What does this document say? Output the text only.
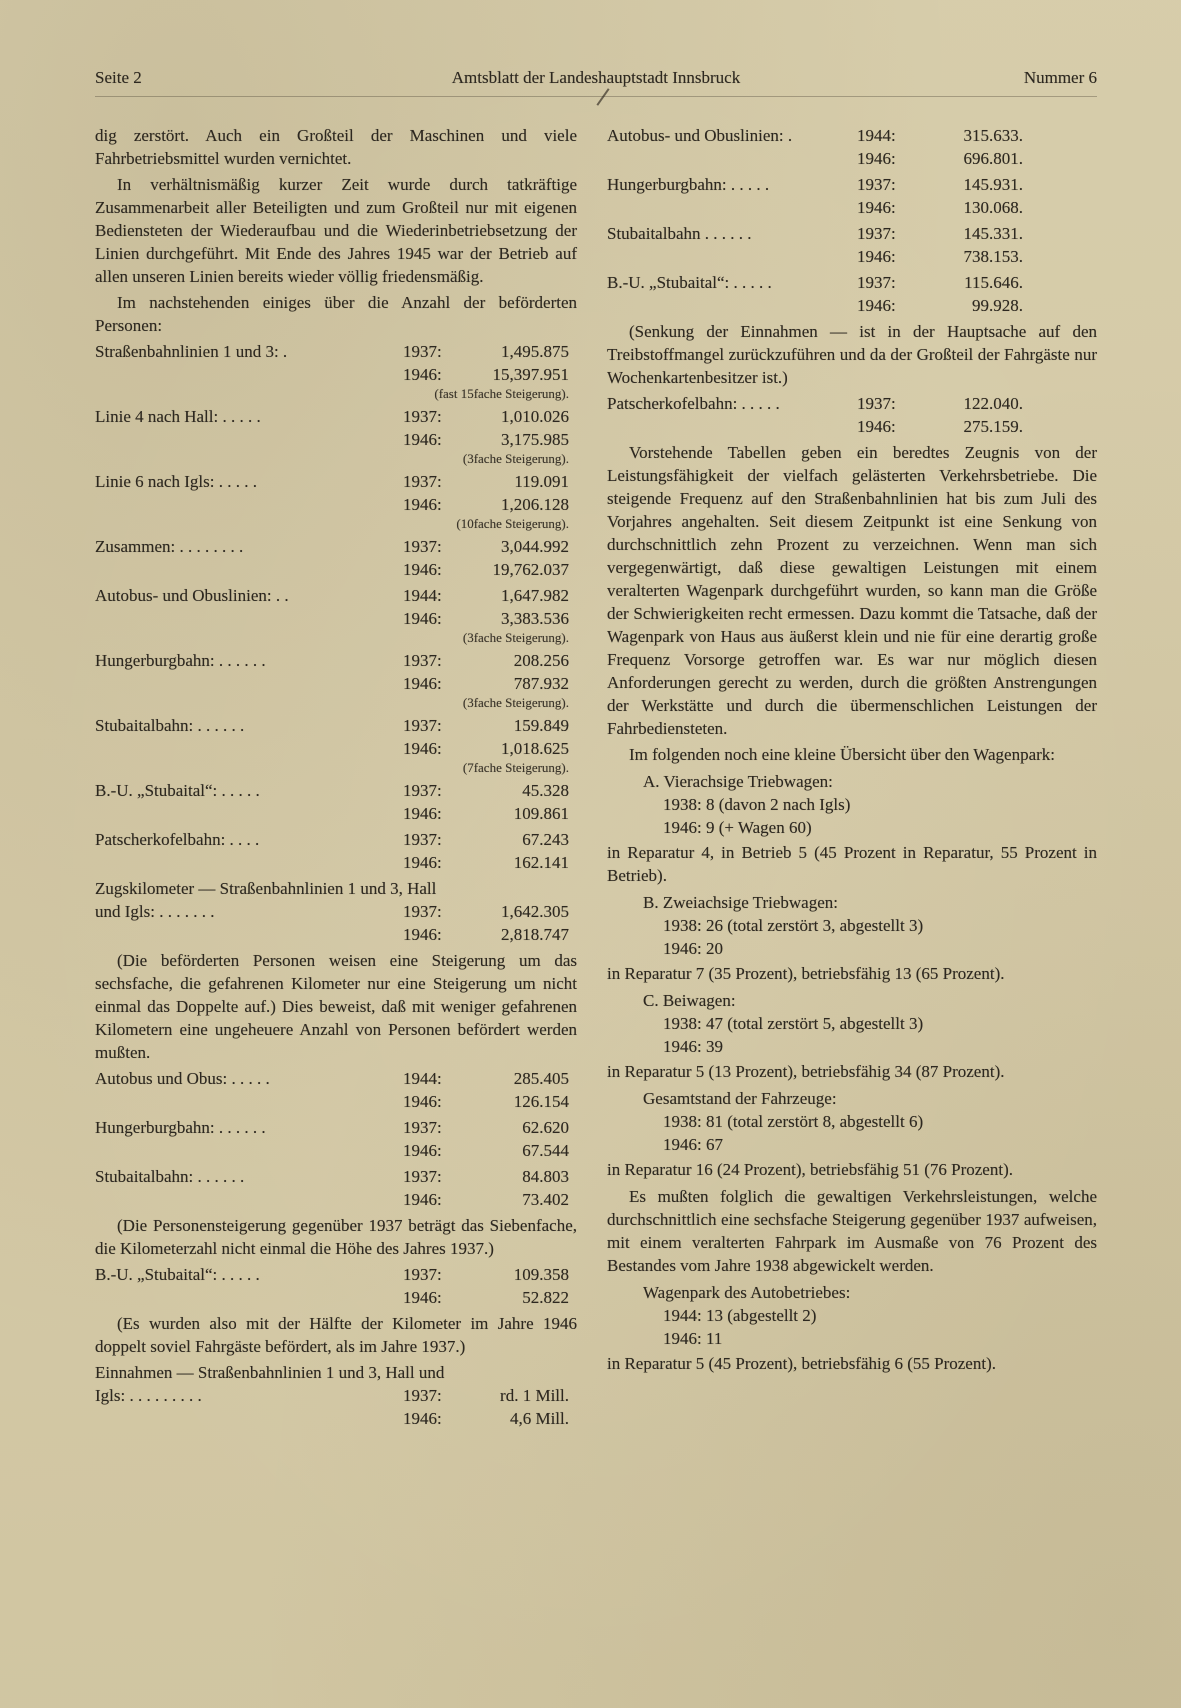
Seite 2	Amtsblatt der Landeshauptstadt Innsbruck	Nummer 6

dig zerstört. Auch ein Großteil der Maschinen und viele Fahrbetriebsmittel wurden vernichtet.

In verhältnismäßig kurzer Zeit wurde durch tatkräftige Zusammenarbeit aller Beteiligten und zum Großteil nur mit eigenen Bediensteten der Wiederaufbau und die Wiederinbetriebsetzung der Linien durchgeführt. Mit Ende des Jahres 1945 war der Betrieb auf allen unseren Linien bereits wieder völlig friedensmäßig.

Im nachstehenden einiges über die Anzahl der beförderten Personen:

Straßenbahnlinien 1 und 3: .	1937:	1,495.875
1946:	15,397.951
(fast 15fache Steigerung).
Linie 4 nach Hall: . . . . .	1937:	1,010.026
1946:	3,175.985
(3fache Steigerung).
Linie 6 nach Igls: . . . . .	1937:	119.091
1946:	1,206.128
(10fache Steigerung).
Zusammen: . . . . . . . .	1937:	3,044.992
1946:	19,762.037
Autobus- und Obuslinien: . .	1944:	1,647.982
1946:	3,383.536
(3fache Steigerung).
Hungerburgbahn: . . . . . .	1937:	208.256
1946:	787.932
(3fache Steigerung).
Stubaitalbahn: . . . . . .	1937:	159.849
1946:	1,018.625
(7fache Steigerung).
B.-U. „Stubaital“: . . . . .	1937:	45.328
1946:	109.861
Patscherkofelbahn: . . . .	1937:	67.243
1946:	162.141
Zugskilometer — Straßenbahnlinien 1 und 3, Hall
und Igls: . . . . . . .	1937:	1,642.305
1946:	2,818.747

(Die beförderten Personen weisen eine Steigerung um das sechsfache, die gefahrenen Kilometer nur eine Steigerung um nicht einmal das Doppelte auf.) Dies beweist, daß mit weniger gefahrenen Kilometern eine ungeheuere Anzahl von Personen befördert werden mußten.

Autobus und Obus: . . . . .	1944:	285.405
1946:	126.154
Hungerburgbahn: . . . . . .	1937:	62.620
1946:	67.544
Stubaitalbahn: . . . . . .	1937:	84.803
1946:	73.402

(Die Personensteigerung gegenüber 1937 beträgt das Siebenfache, die Kilometerzahl nicht einmal die Höhe des Jahres 1937.)

B.-U. „Stubaital“: . . . . .	1937:	109.358
1946:	52.822

(Es wurden also mit der Hälfte der Kilometer im Jahre 1946 doppelt soviel Fahrgäste befördert, als im Jahre 1937.)

Einnahmen — Straßenbahnlinien 1 und 3, Hall und
Igls: . . . . . . . . .	1937:	rd. 1 Mill.
1946:	4,6 Mill.
Autobus- und Obuslinien: .	1944:	315.633.
1946:	696.801.
Hungerburgbahn: . . . . .	1937:	145.931.
1946:	130.068.
Stubaitalbahn . . . . . .	1937:	145.331.
1946:	738.153.
B.-U. „Stubaital“: . . . . .	1937:	115.646.
1946:	99.928.

(Senkung der Einnahmen — ist in der Hauptsache auf den Treibstoffmangel zurückzuführen und da der Großteil der Fahrgäste nur Wochenkartenbesitzer ist.)

Patscherkofelbahn: . . . . .	1937:	122.040.
1946:	275.159.

Vorstehende Tabellen geben ein beredtes Zeugnis von der Leistungsfähigkeit der vielfach gelästerten Verkehrsbetriebe. Die steigende Frequenz auf den Straßenbahnlinien hat bis zum Juli des Vorjahres angehalten. Seit diesem Zeitpunkt ist eine Senkung von durchschnittlich zehn Prozent zu verzeichnen. Wenn man sich vergegenwärtigt, daß diese gewaltigen Leistungen mit einem veralterten Wagenpark durchgeführt wurden, so kann man die Größe der Schwierigkeiten recht ermessen. Dazu kommt die Tatsache, daß der Wagenpark von Haus aus äußerst klein und nie für eine derartig große Frequenz Vorsorge getroffen war. Es war nur möglich diesen Anforderungen gerecht zu werden, durch die größten Anstrengungen der Werkstätte und durch die übermenschlichen Leistungen der Fahrbediensteten.

Im folgenden noch eine kleine Übersicht über den Wagenpark:

A. Vierachsige Triebwagen:
1938: 8 (davon 2 nach Igls)
1946: 9 (+ Wagen 60)

in Reparatur 4, in Betrieb 5 (45 Prozent in Reparatur, 55 Prozent in Betrieb).

B. Zweiachsige Triebwagen:
1938: 26 (total zerstört 3, abgestellt 3)
1946: 20

in Reparatur 7 (35 Prozent), betriebsfähig 13 (65 Prozent).

C. Beiwagen:
1938: 47 (total zerstört 5, abgestellt 3)
1946: 39

in Reparatur 5 (13 Prozent), betriebsfähig 34 (87 Prozent).

Gesamtstand der Fahrzeuge:
1938: 81 (total zerstört 8, abgestellt 6)
1946: 67

in Reparatur 16 (24 Prozent), betriebsfähig 51 (76 Prozent).

Es mußten folglich die gewaltigen Verkehrsleistungen, welche durchschnittlich eine sechsfache Steigerung gegenüber 1937 aufweisen, mit einem veralterten Fahrpark im Ausmaße von 76 Prozent des Bestandes vom Jahre 1938 abgewickelt werden.

Wagenpark des Autobetriebes:
1944: 13 (abgestellt 2)
1946: 11

in Reparatur 5 (45 Prozent), betriebsfähig 6 (55 Prozent).
